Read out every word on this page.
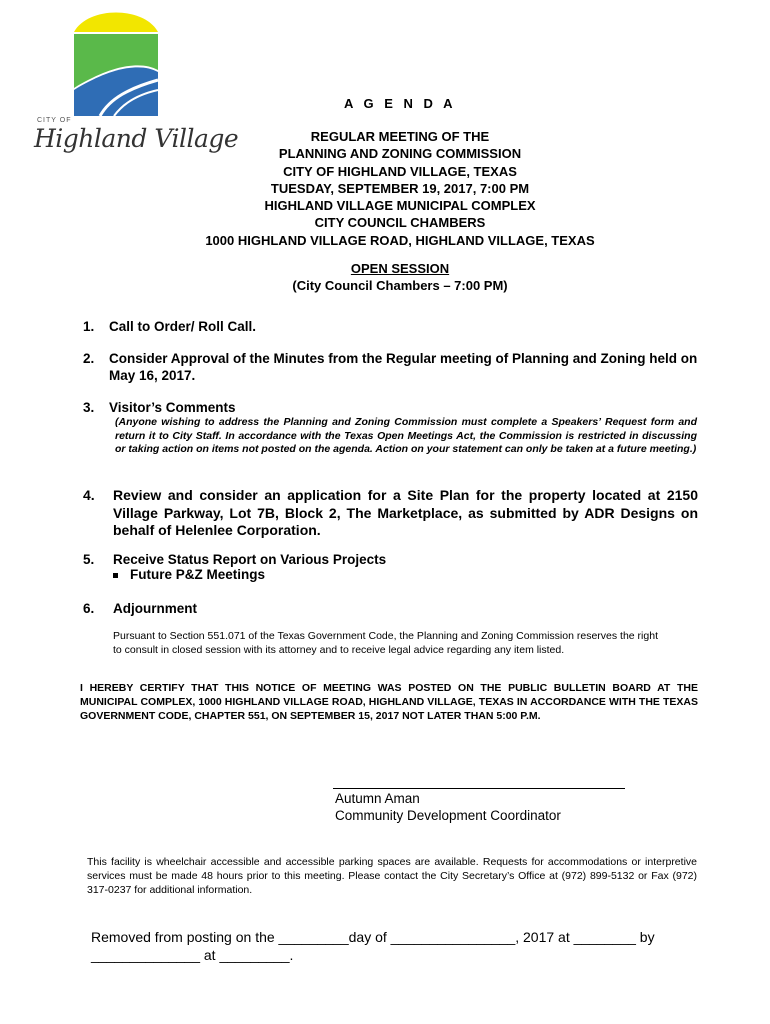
CITY OF
Highland Village
A G E N D A
REGULAR MEETING OF THE
PLANNING AND ZONING COMMISSION
CITY OF HIGHLAND VILLAGE, TEXAS
TUESDAY, SEPTEMBER 19, 2017, 7:00 PM
HIGHLAND VILLAGE MUNICIPAL COMPLEX
CITY COUNCIL CHAMBERS
1000 HIGHLAND VILLAGE ROAD, HIGHLAND VILLAGE, TEXAS
OPEN SESSION
(City Council Chambers – 7:00 PM)
1. Call to Order/ Roll Call.
2. Consider Approval of the Minutes from the Regular meeting of Planning and Zoning held on May 16, 2017.
3. Visitor’s Comments
(Anyone wishing to address the Planning and Zoning Commission must complete a Speakers’ Request form and return it to City Staff. In accordance with the Texas Open Meetings Act, the Commission is restricted in discussing or taking action on items not posted on the agenda. Action on your statement can only be taken at a future meeting.)
4. Review and consider an application for a Site Plan for the property located at 2150 Village Parkway, Lot 7B, Block 2, The Marketplace, as submitted by ADR Designs on behalf of Helenlee Corporation.
5. Receive Status Report on Various Projects
Future P&Z Meetings
6. Adjournment
Pursuant to Section 551.071 of the Texas Government Code, the Planning and Zoning Commission reserves the right to consult in closed session with its attorney and to receive legal advice regarding any item listed.
I HEREBY CERTIFY THAT THIS NOTICE OF MEETING WAS POSTED ON THE PUBLIC BULLETIN BOARD AT THE MUNICIPAL COMPLEX, 1000 HIGHLAND VILLAGE ROAD, HIGHLAND VILLAGE, TEXAS IN ACCORDANCE WITH THE TEXAS GOVERNMENT CODE, CHAPTER 551, ON SEPTEMBER 15, 2017 NOT LATER THAN 5:00 P.M.
Autumn Aman
Community Development Coordinator
This facility is wheelchair accessible and accessible parking spaces are available. Requests for accommodations or interpretive services must be made 48 hours prior to this meeting. Please contact the City Secretary’s Office at (972) 899-5132 or Fax (972) 317-0237 for additional information.
Removed from posting on the _________day of ________________, 2017 at ________ by
______________ at _________.
